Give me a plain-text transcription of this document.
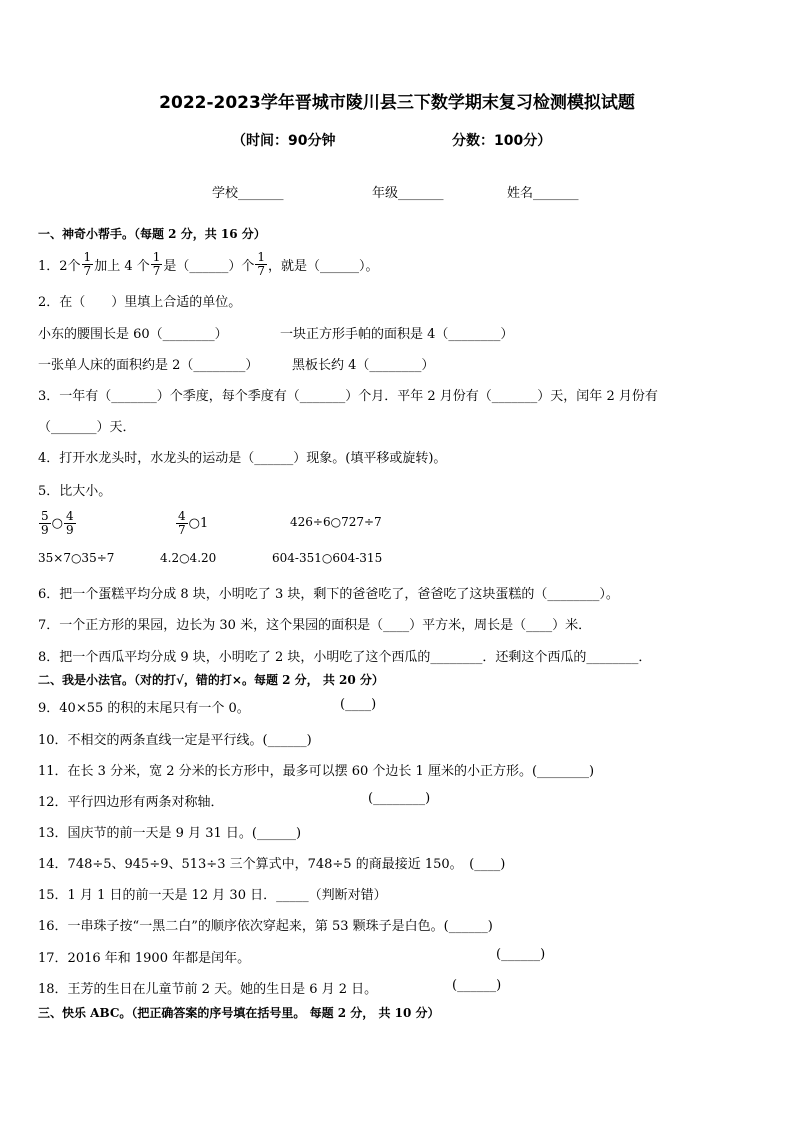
2022-2023学年晋城市陵川县三下数学期末复习检测模拟试题
（时间：90分钟	分数：100分）
学校_______	年级_______	姓名_______
一、神奇小帮手。（每题 2 分，共 16 分）
1．2个 $\frac{1}{7}$ 加上 4 个 $\frac{1}{7}$ 是（______）个 $\frac{1}{7}$ ，就是（______）。
2．在（　　）里填上合适的单位。
小东的腰围长是 60（________）	一块正方形手帕的面积是 4（________）
一张单人床的面积约是 2（________）	黑板长约 4（________）
3．一年有（_______）个季度，每个季度有（_______）个月．平年 2 月份有（_______）天，闰年 2 月份有
（_______）天．
4．打开水龙头时，水龙头的运动是（______）现象。(填平移或旋转)。
5．比大小。
$\frac{5}{9}$ ○ $\frac{4}{9}$	$\frac{4}{7}$ ○1	426÷6○727÷7
35×7○35÷7	4.2○4.20	604-351○604-315
6．把一个蛋糕平均分成 8 块，小明吃了 3 块，剩下的爸爸吃了，爸爸吃了这块蛋糕的（________）。
7．一个正方形的果园，边长为 30 米，这个果园的面积是（____）平方米，周长是（____）米．
8．把一个西瓜平均分成 9 块，小明吃了 2 块，小明吃了这个西瓜的________．还剩这个西瓜的________．
二、我是小法官。（对的打√，错的打×。每题 2 分， 共 20 分）
9．40×55 的积的末尾只有一个 0。	(____)
10．不相交的两条直线一定是平行线。(______)
11．在长 3 分米，宽 2 分米的长方形中，最多可以摆 60 个边长 1 厘米的小正方形。(________)
12．平行四边形有两条对称轴．	(________)
13．国庆节的前一天是 9 月 31 日。(______)
14．748÷5、945÷9、513÷3 三个算式中，748÷5 的商最接近 150。　(____)
15．1 月 1 日的前一天是 12 月 30 日．_____（判断对错）
16．一串珠子按“一黑二白”的顺序依次穿起来，第 53 颗珠子是白色。(______)
17．2016 年和 1900 年都是闰年。	(______)
18．王芳的生日在儿童节前 2 天。她的生日是 6 月 2 日。	(______)
三、快乐 ABC。（把正确答案的序号填在括号里。 每题 2 分， 共 10 分）
